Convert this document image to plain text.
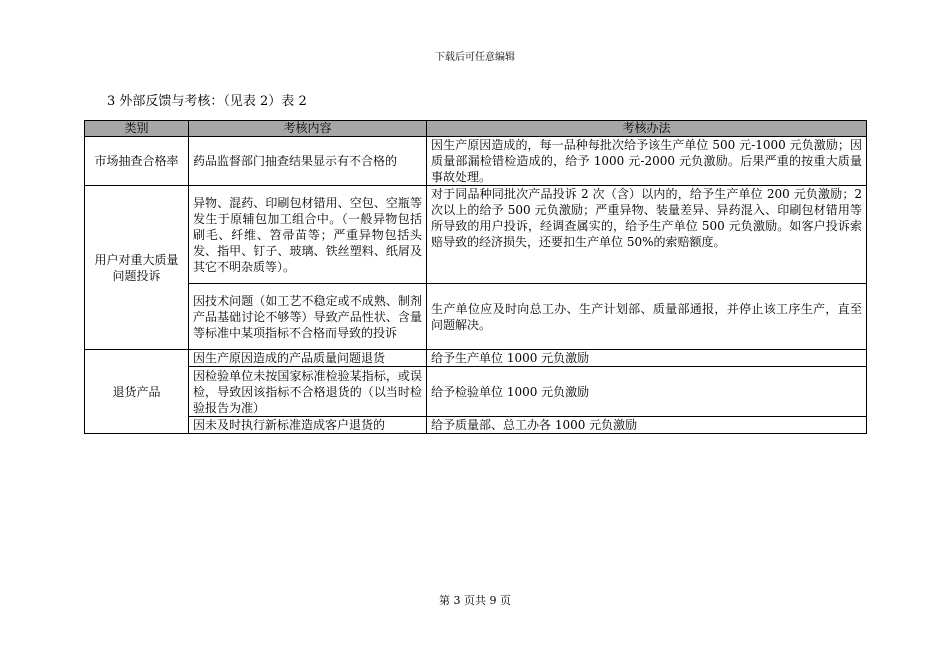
下载后可任意编辑
3 外部反馈与考核：（见表 2）表 2
类别	考核内容	考核办法
市场抽查合格率	药品监督部门抽查结果显示有不合格的	因生产原因造成的，每一品种每批次给予该生产单位 500 元-1000 元负激励；因质量部漏检错检造成的，给予 1000 元-2000 元负激励。后果严重的按重大质量事故处理。
用户对重大质量问题投诉	异物、混药、印刷包材错用、空包、空瓶等发生于原辅包加工组合中。（一般异物包括刷毛、纤维、笤帚苗等；严重异物包括头发、指甲、钉子、玻璃、铁丝塑料、纸屑及其它不明杂质等）。	对于同品种同批次产品投诉 2 次（含）以内的，给予生产单位 200 元负激励；2 次以上的给予 500 元负激励；严重异物、装量差异、异药混入、印刷包材错用等所导致的用户投诉，经调查属实的，给予生产单位 500 元负激励。如客户投诉索赔导致的经济损失，还要扣生产单位 50%的索赔额度。
	因技术问题（如工艺不稳定或不成熟、制剂产品基础讨论不够等）导致产品性状、含量等标准中某项指标不合格而导致的投诉	生产单位应及时向总工办、生产计划部、质量部通报，并停止该工序生产，直至问题解决。
退货产品	因生产原因造成的产品质量问题退货	给予生产单位 1000 元负激励
	因检验单位未按国家标准检验某指标，或误检，导致因该指标不合格退货的（以当时检验报告为准）	给予检验单位 1000 元负激励
	因未及时执行新标准造成客户退货的	给予质量部、总工办各 1000 元负激励
第 3 页共 9 页
